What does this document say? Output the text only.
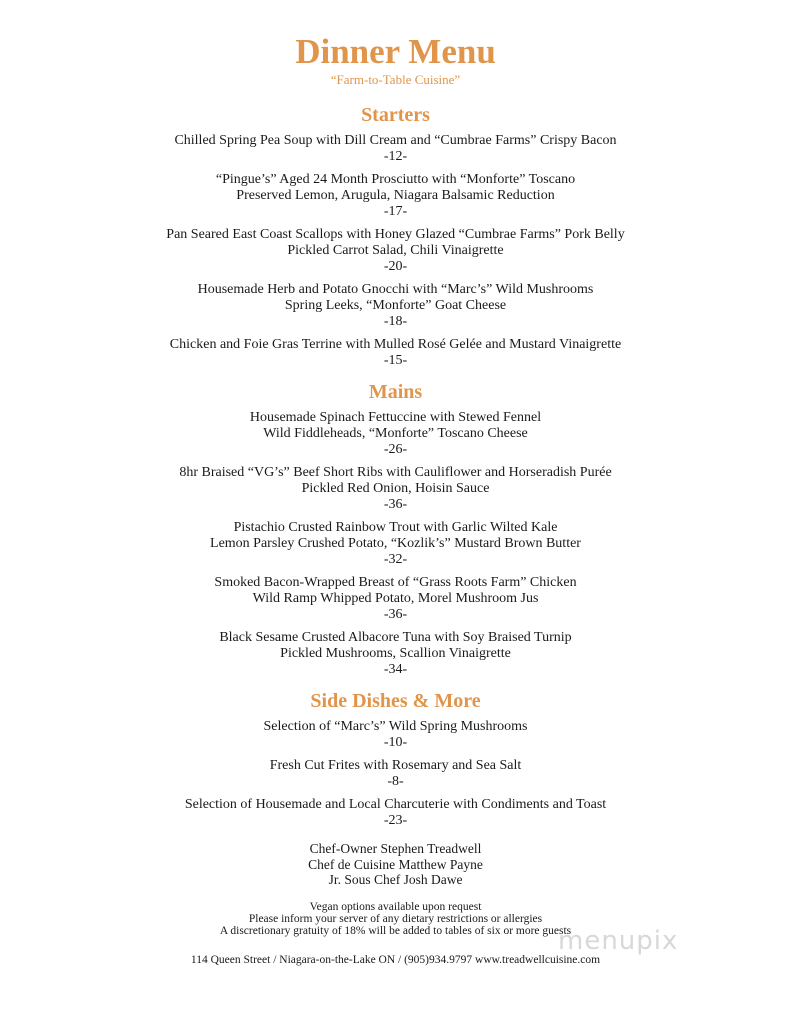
Dinner Menu

“Farm-to-Table Cuisine”

Starters
Chilled Spring Pea Soup with Dill Cream and “Cumbrae Farms” Crispy Bacon
-12-
“Pingue’s” Aged 24 Month Prosciutto with “Monforte” Toscano
Preserved Lemon, Arugula, Niagara Balsamic Reduction
-17-
Pan Seared East Coast Scallops with Honey Glazed “Cumbrae Farms” Pork Belly
Pickled Carrot Salad, Chili Vinaigrette
-20-
Housemade Herb and Potato Gnocchi with “Marc’s” Wild Mushrooms
Spring Leeks, “Monforte” Goat Cheese
-18-
Chicken and Foie Gras Terrine with Mulled Rosé Gelée and Mustard Vinaigrette
-15-
Mains
Housemade Spinach Fettuccine with Stewed Fennel
Wild Fiddleheads, “Monforte” Toscano Cheese
-26-
8hr Braised “VG’s” Beef Short Ribs with Cauliflower and Horseradish Purée
Pickled Red Onion, Hoisin Sauce
-36-
Pistachio Crusted Rainbow Trout with Garlic Wilted Kale
Lemon Parsley Crushed Potato, “Kozlik’s” Mustard Brown Butter
-32-
Smoked Bacon-Wrapped Breast of “Grass Roots Farm” Chicken
Wild Ramp Whipped Potato, Morel Mushroom Jus
-36-
Black Sesame Crusted Albacore Tuna with Soy Braised Turnip
Pickled Mushrooms, Scallion Vinaigrette
-34-
Side Dishes & More
Selection of “Marc’s” Wild Spring Mushrooms
-10-
Fresh Cut Frites with Rosemary and Sea Salt
-8-
Selection of Housemade and Local Charcuterie with Condiments and Toast
-23-
Chef-Owner Stephen Treadwell
Chef de Cuisine Matthew Payne
Jr. Sous Chef Josh Dawe
Vegan options available upon request
Please inform your server of any dietary restrictions or allergies
A discretionary gratuity of 18% will be added to tables of six or more guests
114 Queen Street / Niagara-on-the-Lake ON / (905)934.9797 www.treadwellcuisine.com
menupix
